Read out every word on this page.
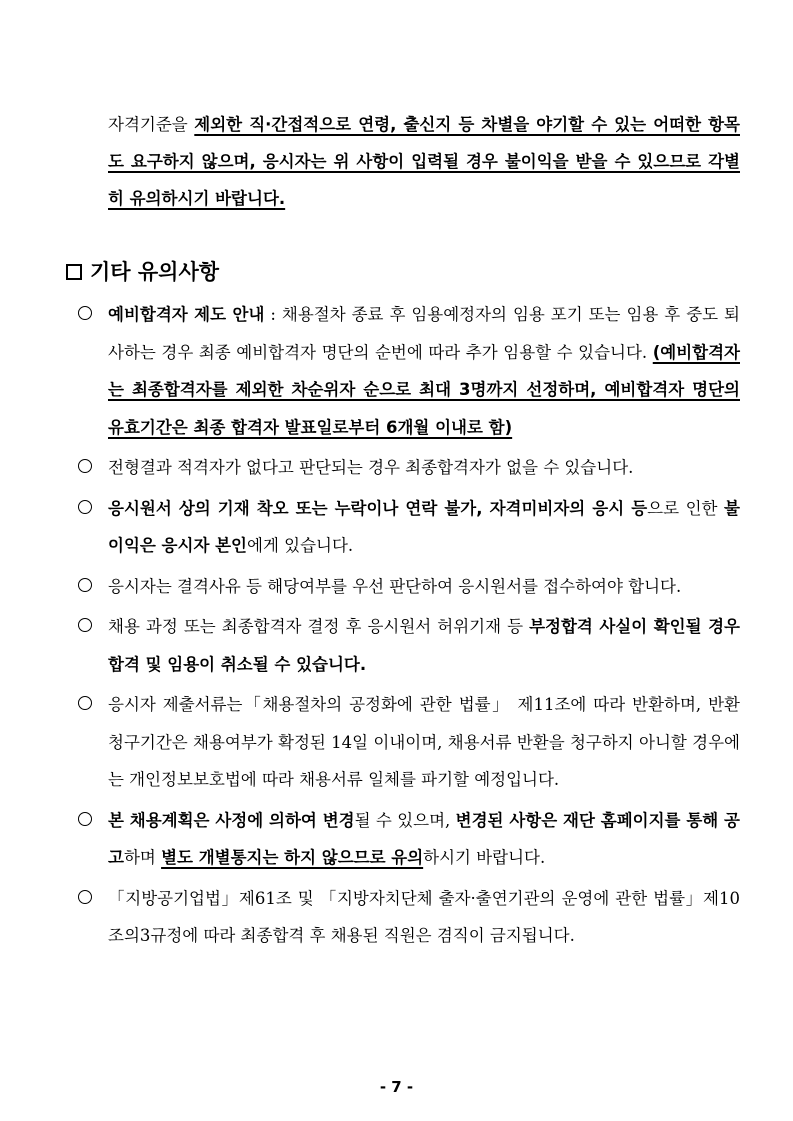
자격기준을 제외한 직·간접적으로 연령, 출신지 등 차별을 야기할 수 있는 어떠한 항목도 요구하지 않으며, 응시자는 위 사항이 입력될 경우 불이익을 받을 수 있으므로 각별히 유의하시기 바랍니다.
기타 유의사항
예비합격자 제도 안내 : 채용절차 종료 후 임용예정자의 임용 포기 또는 임용 후 중도 퇴사하는 경우 최종 예비합격자 명단의 순번에 따라 추가 임용할 수 있습니다. (예비합격자는 최종합격자를 제외한 차순위자 순으로 최대 3명까지 선정하며, 예비합격자 명단의 유효기간은 최종 합격자 발표일로부터 6개월 이내로 함)
전형결과 적격자가 없다고 판단되는 경우 최종합격자가 없을 수 있습니다.
응시원서 상의 기재 착오 또는 누락이나 연락 불가, 자격미비자의 응시 등으로 인한 불이익은 응시자 본인에게 있습니다.
응시자는 결격사유 등 해당여부를 우선 판단하여 응시원서를 접수하여야 합니다.
채용 과정 또는 최종합격자 결정 후 응시원서 허위기재 등 부정합격 사실이 확인될 경우 합격 및 임용이 취소될 수 있습니다.
응시자 제출서류는「채용절차의 공정화에 관한 법률」 제11조에 따라 반환하며, 반환 청구기간은 채용여부가 확정된 14일 이내이며, 채용서류 반환을 청구하지 아니할 경우에는 개인정보보호법에 따라 채용서류 일체를 파기할 예정입니다.
본 채용계획은 사정에 의하여 변경될 수 있으며, 변경된 사항은 재단 홈페이지를 통해 공고하며 별도 개별통지는 하지 않으므로 유의하시기 바랍니다.
「지방공기업법」제61조 및 「지방자치단체 출자·출연기관의 운영에 관한 법률」제10조의3규정에 따라 최종합격 후 채용된 직원은 겸직이 금지됩니다.
- 7 -
